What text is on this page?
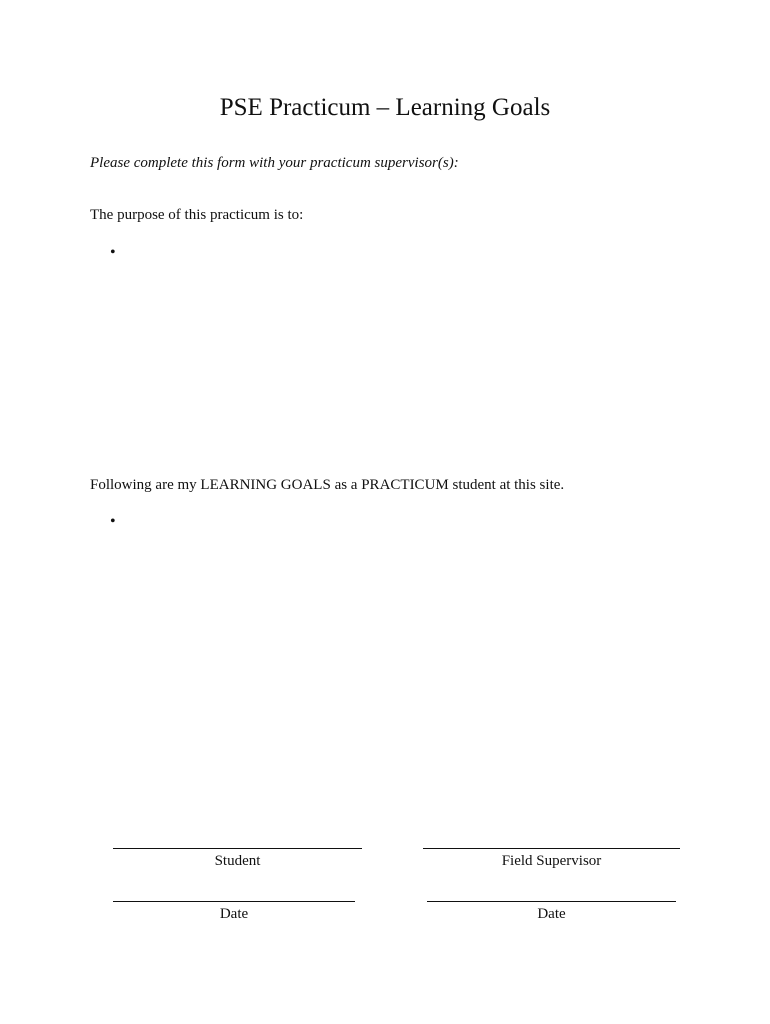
PSE Practicum – Learning Goals
Please complete this form with your practicum supervisor(s):
The purpose of this practicum is to:
•
Following are my LEARNING GOALS as a PRACTICUM student at this site.
•
Student	Field Supervisor
Date	Date
